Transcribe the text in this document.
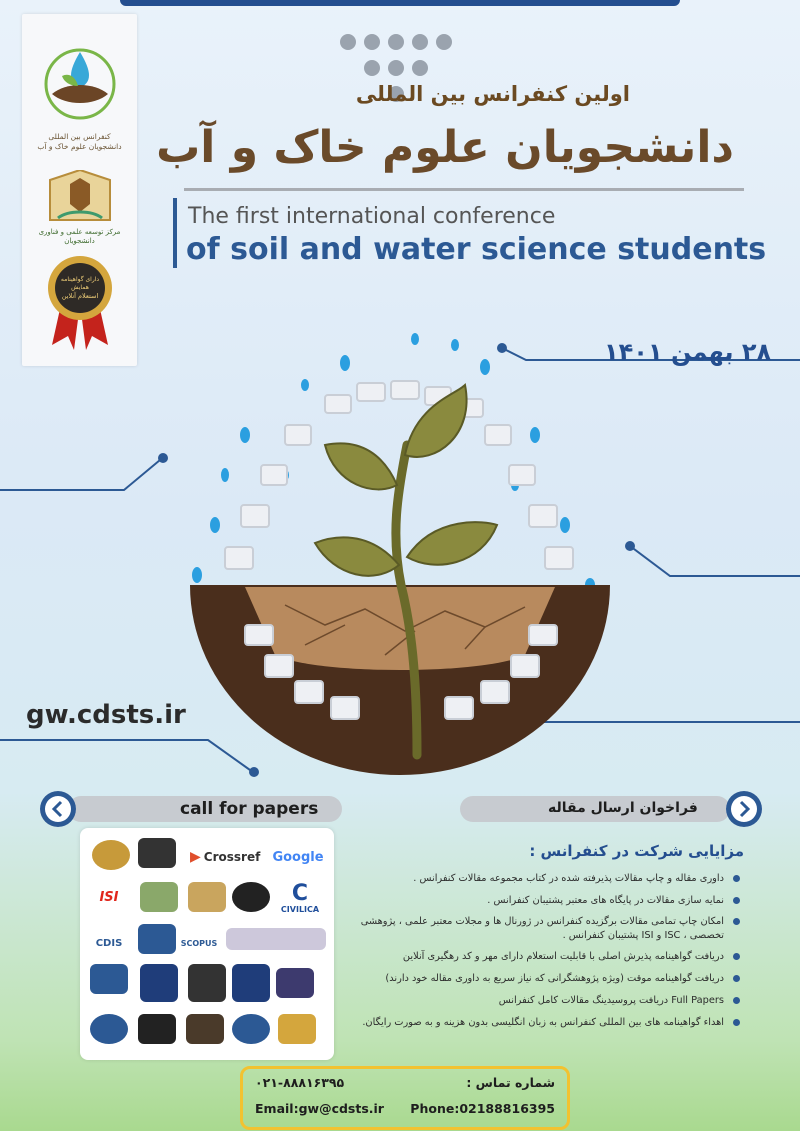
کنفرانس بین المللی دانشجویان علوم خاک و آب
مرکز توسعه علمی و فناوری دانشجویان
دارای گواهینامه همایش
استعلام آنلاین
اولین کنفرانس بین المللی
دانشجویان علوم خاک و آب
The first international conference
of soil and water science students
۲۸ بهمن ۱۴۰۱
gw.cdsts.ir
call for papers	فراخوان ارسال مقاله
▶ Crossref Google
ISI	C
CIVILICA
CDIS	SCOPUS
مزایایی شرکت در کنفرانس :
داوری مقاله و چاپ مقالات پذیرفته شده در کتاب مجموعه مقالات کنفرانس .
نمایه سازی مقالات در پایگاه های معتبر پشتیبان کنفرانس .
امکان چاپ تمامی مقالات برگزیده کنفرانس در ژورنال ها و مجلات معتبر علمی ، پژوهشی تخصصی ، ISC و ISI پشتیبان کنفرانس .
دریافت گواهینامه پذیرش اصلی با قابلیت استعلام دارای مهر و کد رهگیری آنلاین
دریافت گواهینامه موقت (ویژه پژوهشگرانی که نیاز سریع به داوری مقاله خود دارند)
Full Papers دریافت پروسیدینگ مقالات کامل کنفرانس
اهداء گواهینامه های بین المللی کنفرانس به زبان انگلیسی بدون هزینه و به صورت رایگان.
۰۲۱-۸۸۸۱۶۳۹۵	شماره تماس :
Email:gw@cdsts.ir Phone:02188816395
